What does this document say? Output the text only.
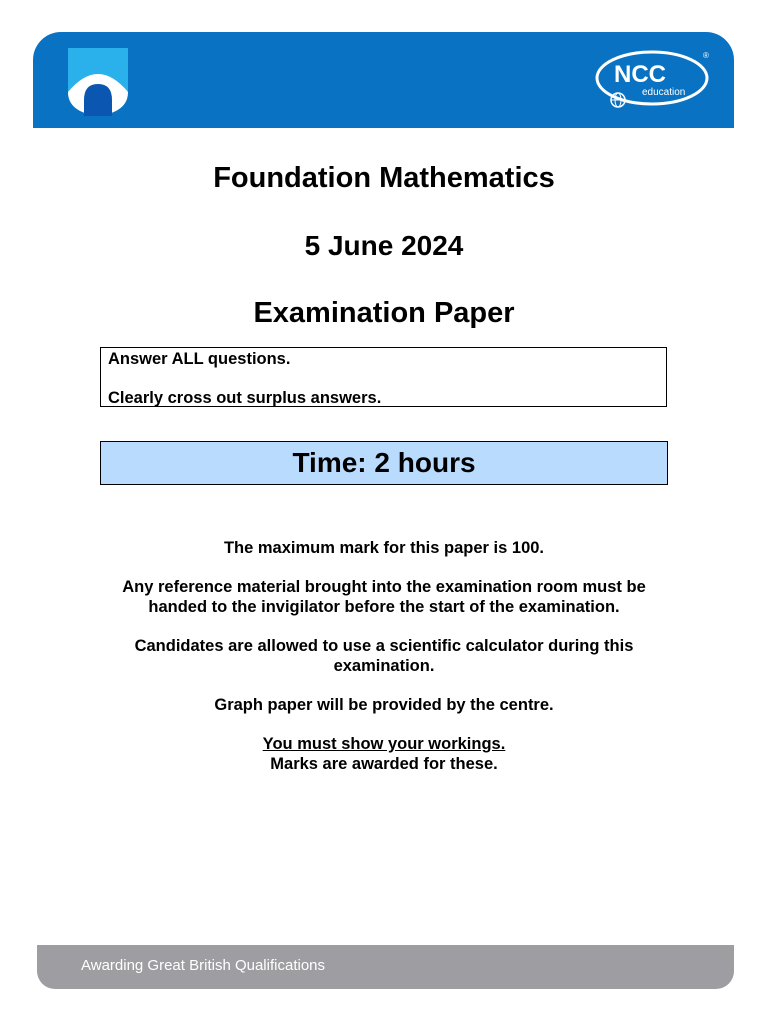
NCC
education
®
Foundation Mathematics
5 June 2024
Examination Paper
Answer ALL questions.
Clearly cross out surplus answers.
Time: 2 hours

The maximum mark for this paper is 100.

Any reference material brought into the examination room must be
handed to the invigilator before the start of the examination.

Candidates are allowed to use a scientific calculator during this
examination.

Graph paper will be provided by the centre.

You must show your workings.
Marks are awarded for these.

Awarding Great British Qualifications
